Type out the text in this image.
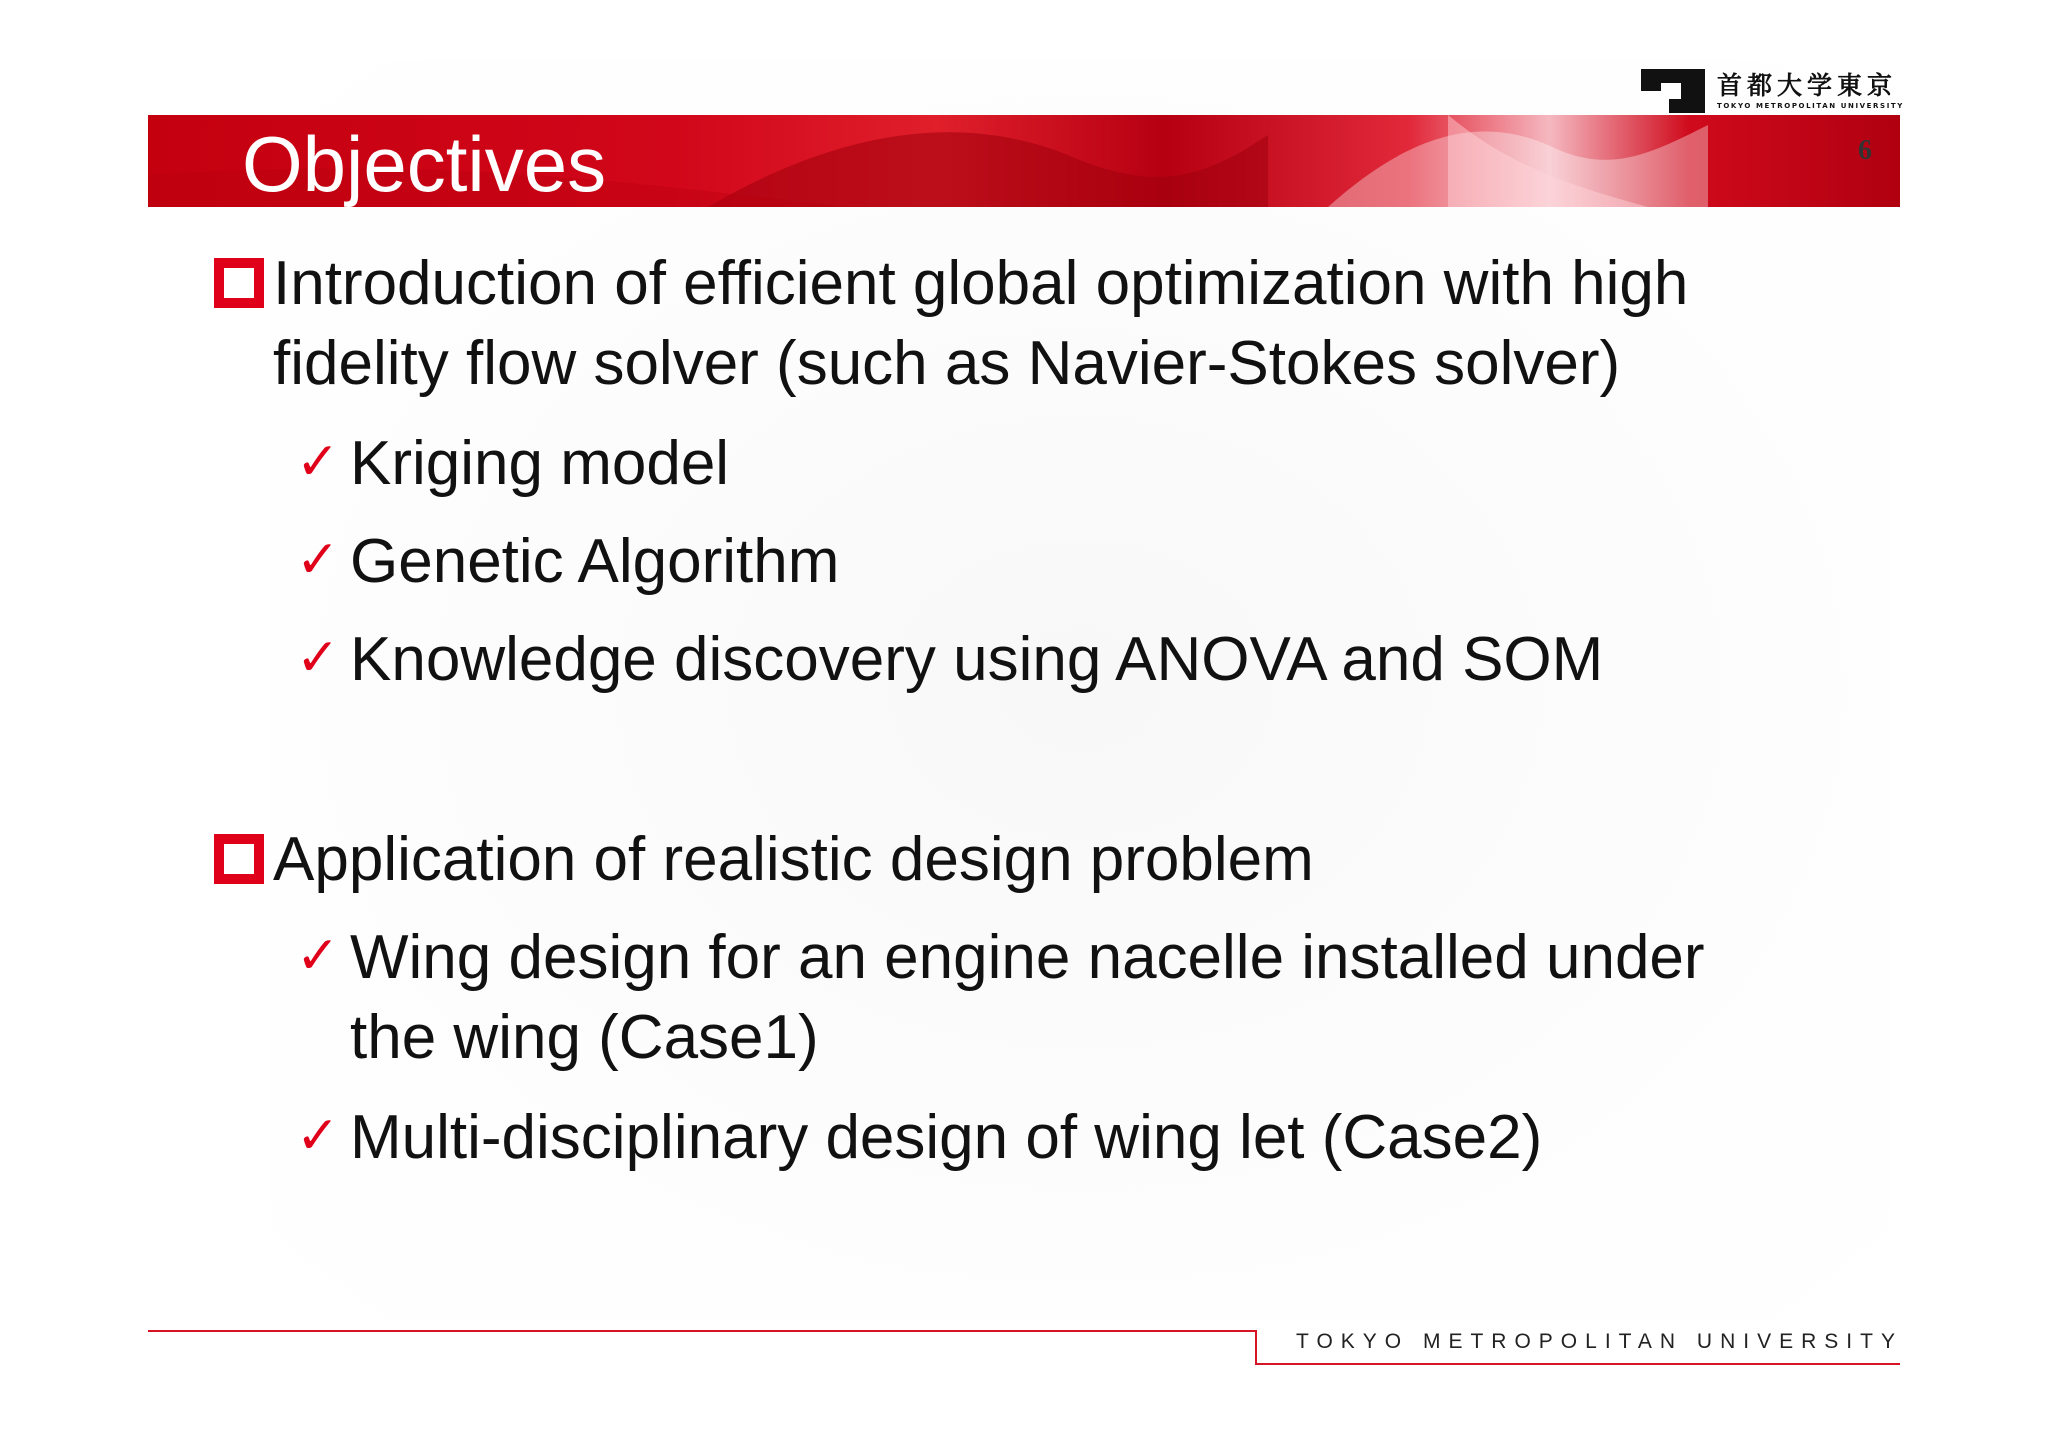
首都大学東京
TOKYO METROPOLITAN UNIVERSITY
Objectives	6
Introduction of efficient global optimization with high
fidelity flow solver (such as Navier-Stokes solver)
✓ Kriging model
✓ Genetic Algorithm
✓ Knowledge discovery using ANOVA and SOM
Application of realistic design problem
✓ Wing design for an engine nacelle installed under
the wing (Case1)
✓ Multi-disciplinary design of wing let (Case2)
TOKYO METROPOLITAN UNIVERSITY
